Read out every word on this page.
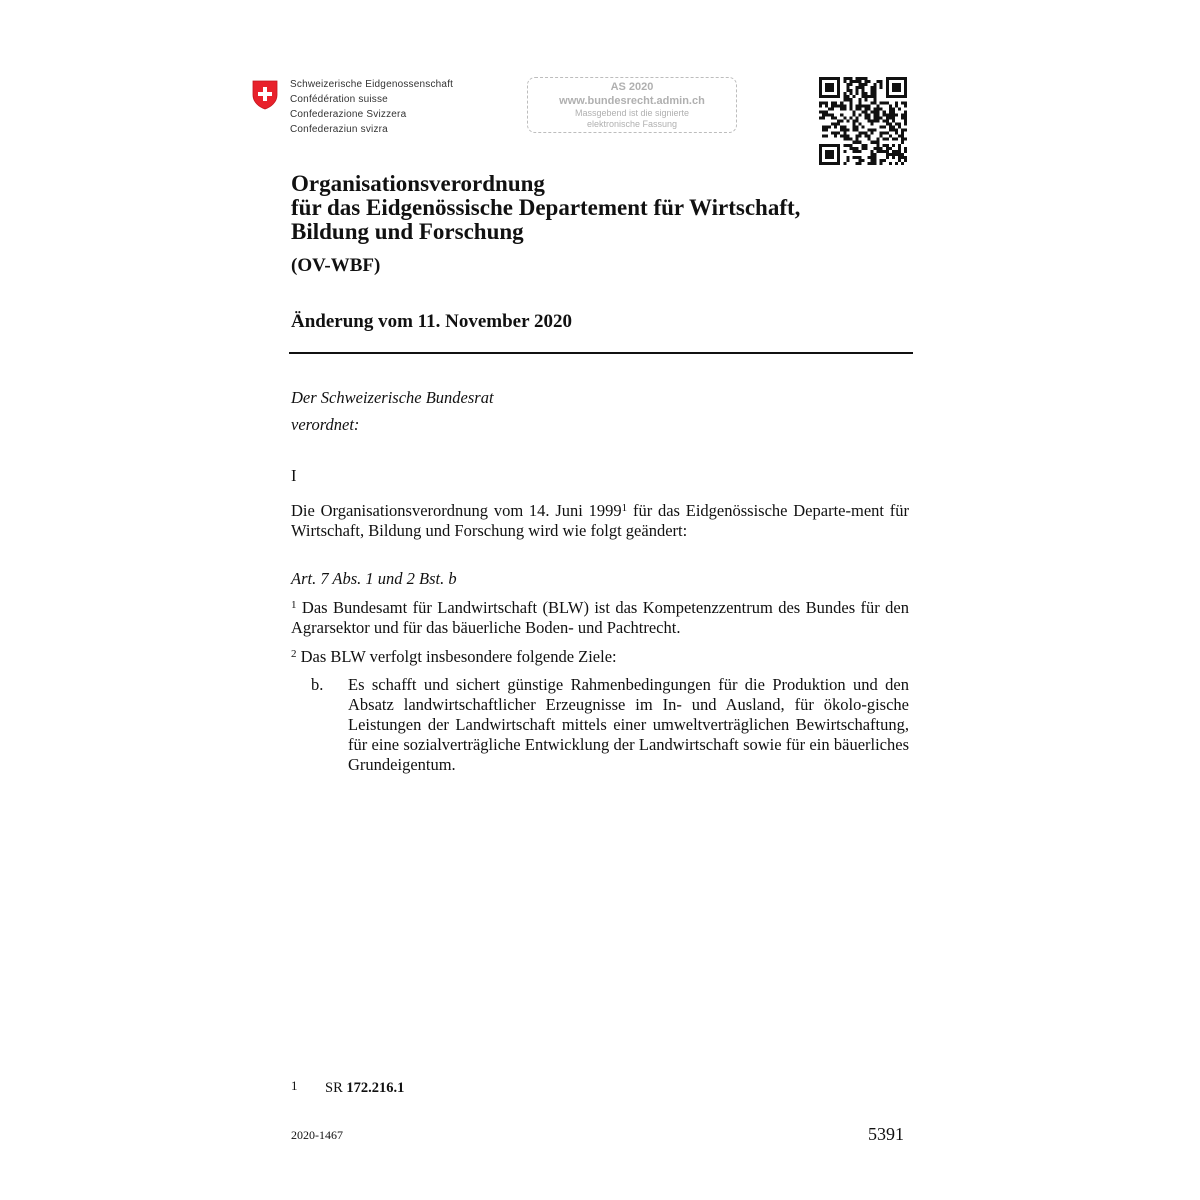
Schweizerische Eidgenossenschaft
Confédération suisse
Confederazione Svizzera
Confederaziun svizra
AS 2020
www.bundesrecht.admin.ch
Massgebend ist die signierte
elektronische Fassung
Organisationsverordnung
für das Eidgenössische Departement für Wirtschaft,
Bildung und Forschung
(OV-WBF)
Änderung vom 11. November 2020
Der Schweizerische Bundesrat
verordnet:
I
Die Organisationsverordnung vom 14. Juni 1999$^1$ für das Eidgenössische Departe-ment für Wirtschaft, Bildung und Forschung wird wie folgt geändert:
Art. 7 Abs. 1 und 2 Bst. b
$^1$ Das Bundesamt für Landwirtschaft (BLW) ist das Kompetenzzentrum des Bundes für den Agrarsektor und für das bäuerliche Boden- und Pachtrecht.
$^2$ Das BLW verfolgt insbesondere folgende Ziele:
b. Es schafft und sichert günstige Rahmenbedingungen für die Produktion und den Absatz landwirtschaftlicher Erzeugnisse im In- und Ausland, für ökolo-gische Leistungen der Landwirtschaft mittels einer umweltverträglichen Bewirtschaftung, für eine sozialverträgliche Entwicklung der Landwirtschaft sowie für ein bäuerliches Grundeigentum.
1 SR 172.216.1
2020-1467	5391
